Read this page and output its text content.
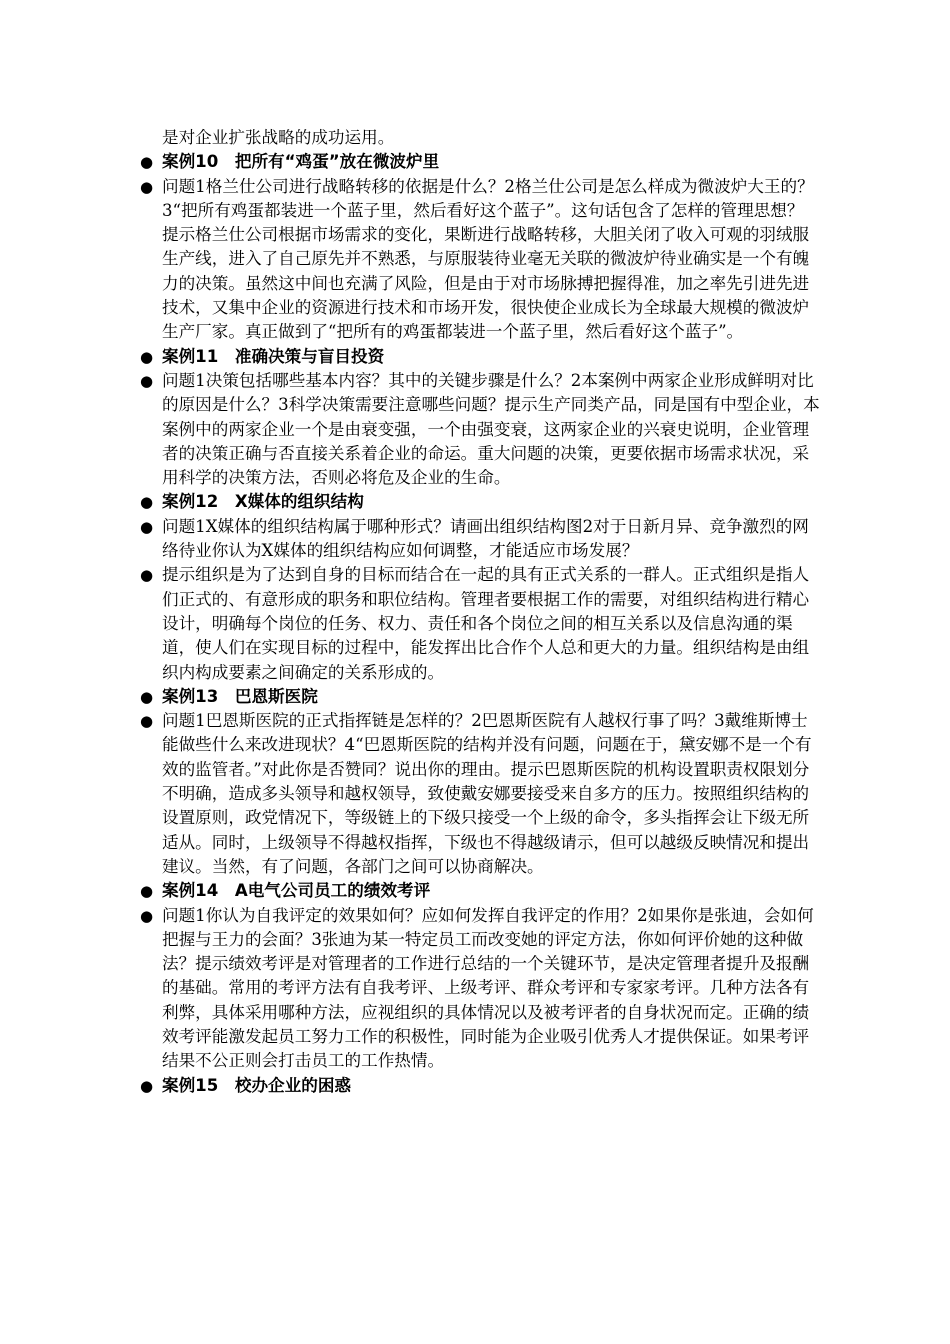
是对企业扩张战略的成功运用。

● 案例10　把所有“鸡蛋”放在微波炉里

● 问题1格兰仕公司进行战略转移的依据是什么？2格兰仕公司是怎么样成为微波炉大王的？3“把所有鸡蛋都装进一个蓝子里，然后看好这个蓝子”。这句话包含了怎样的管理思想？提示格兰仕公司根据市场需求的变化，果断进行战略转移，大胆关闭了收入可观的羽绒服生产线，进入了自己原先并不熟悉，与原服装待业毫无关联的微波炉待业确实是一个有魄力的决策。虽然这中间也充满了风险，但是由于对市场脉搏把握得准，加之率先引进先进技术，又集中企业的资源进行技术和市场开发，很快使企业成长为全球最大规模的微波炉生产厂家。真正做到了“把所有的鸡蛋都装进一个蓝子里，然后看好这个蓝子”。

● 案例11　准确决策与盲目投资

● 问题1决策包括哪些基本内容？其中的关键步骤是什么？2本案例中两家企业形成鲜明对比的原因是什么？3科学决策需要注意哪些问题？提示生产同类产品，同是国有中型企业，本案例中的两家企业一个是由衰变强，一个由强变衰，这两家企业的兴衰史说明，企业管理者的决策正确与否直接关系着企业的命运。重大问题的决策，更要依据市场需求状况，采用科学的决策方法，否则必将危及企业的生命。

● 案例12　X媒体的组织结构

● 问题1X媒体的组织结构属于哪种形式？请画出组织结构图2对于日新月异、竞争激烈的网络待业你认为X媒体的组织结构应如何调整，才能适应市场发展？

● 提示组织是为了达到自身的目标而结合在一起的具有正式关系的一群人。正式组织是指人们正式的、有意形成的职务和职位结构。管理者要根据工作的需要，对组织结构进行精心设计，明确每个岗位的任务、权力、责任和各个岗位之间的相互关系以及信息沟通的渠道，使人们在实现目标的过程中，能发挥出比合作个人总和更大的力量。组织结构是由组织内构成要素之间确定的关系形成的。

● 案例13　巴恩斯医院

● 问题1巴恩斯医院的正式指挥链是怎样的？2巴恩斯医院有人越权行事了吗？3戴维斯博士能做些什么来改进现状？4“巴恩斯医院的结构并没有问题，问题在于，黛安娜不是一个有效的监管者。”对此你是否赞同？说出你的理由。提示巴恩斯医院的机构设置职责权限划分不明确，造成多头领导和越权领导，致使戴安娜要接受来自多方的压力。按照组织结构的设置原则，政党情况下，等级链上的下级只接受一个上级的命令，多头指挥会让下级无所适从。同时，上级领导不得越权指挥，下级也不得越级请示，但可以越级反映情况和提出建议。当然，有了问题，各部门之间可以协商解决。

● 案例14　A电气公司员工的绩效考评

● 问题1你认为自我评定的效果如何？应如何发挥自我评定的作用？2如果你是张迪，会如何把握与王力的会面？3张迪为某一特定员工而改变她的评定方法，你如何评价她的这种做法？提示绩效考评是对管理者的工作进行总结的一个关键环节，是决定管理者提升及报酬的基础。常用的考评方法有自我考评、上级考评、群众考评和专家家考评。几种方法各有利弊，具体采用哪种方法，应视组织的具体情况以及被考评者的自身状况而定。正确的绩效考评能激发起员工努力工作的积极性，同时能为企业吸引优秀人才提供保证。如果考评结果不公正则会打击员工的工作热情。

● 案例15　校办企业的困惑
